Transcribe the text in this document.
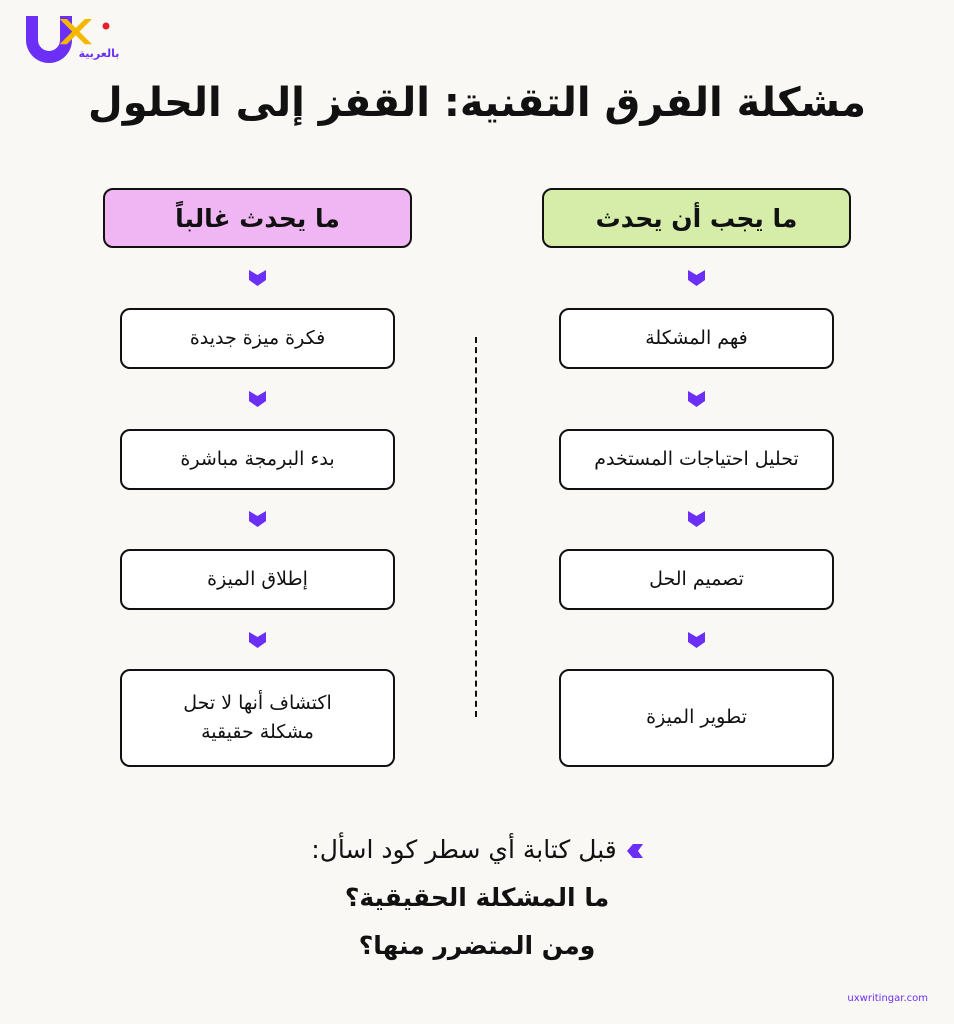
بالعربية
مشكلة الفرق التقنية: القفز إلى الحلول
ما يحدث غالباً
فكرة ميزة جديدة
بدء البرمجة مباشرة
إطلاق الميزة
اكتشاف أنها لا تحل مشكلة حقيقية
ما يجب أن يحدث
فهم المشكلة
تحليل احتياجات المستخدم
تصميم الحل
تطوير الميزة
قبل كتابة أي سطر كود اسأل:
ما المشكلة الحقيقية؟
ومن المتضرر منها؟
uxwritingar.com
